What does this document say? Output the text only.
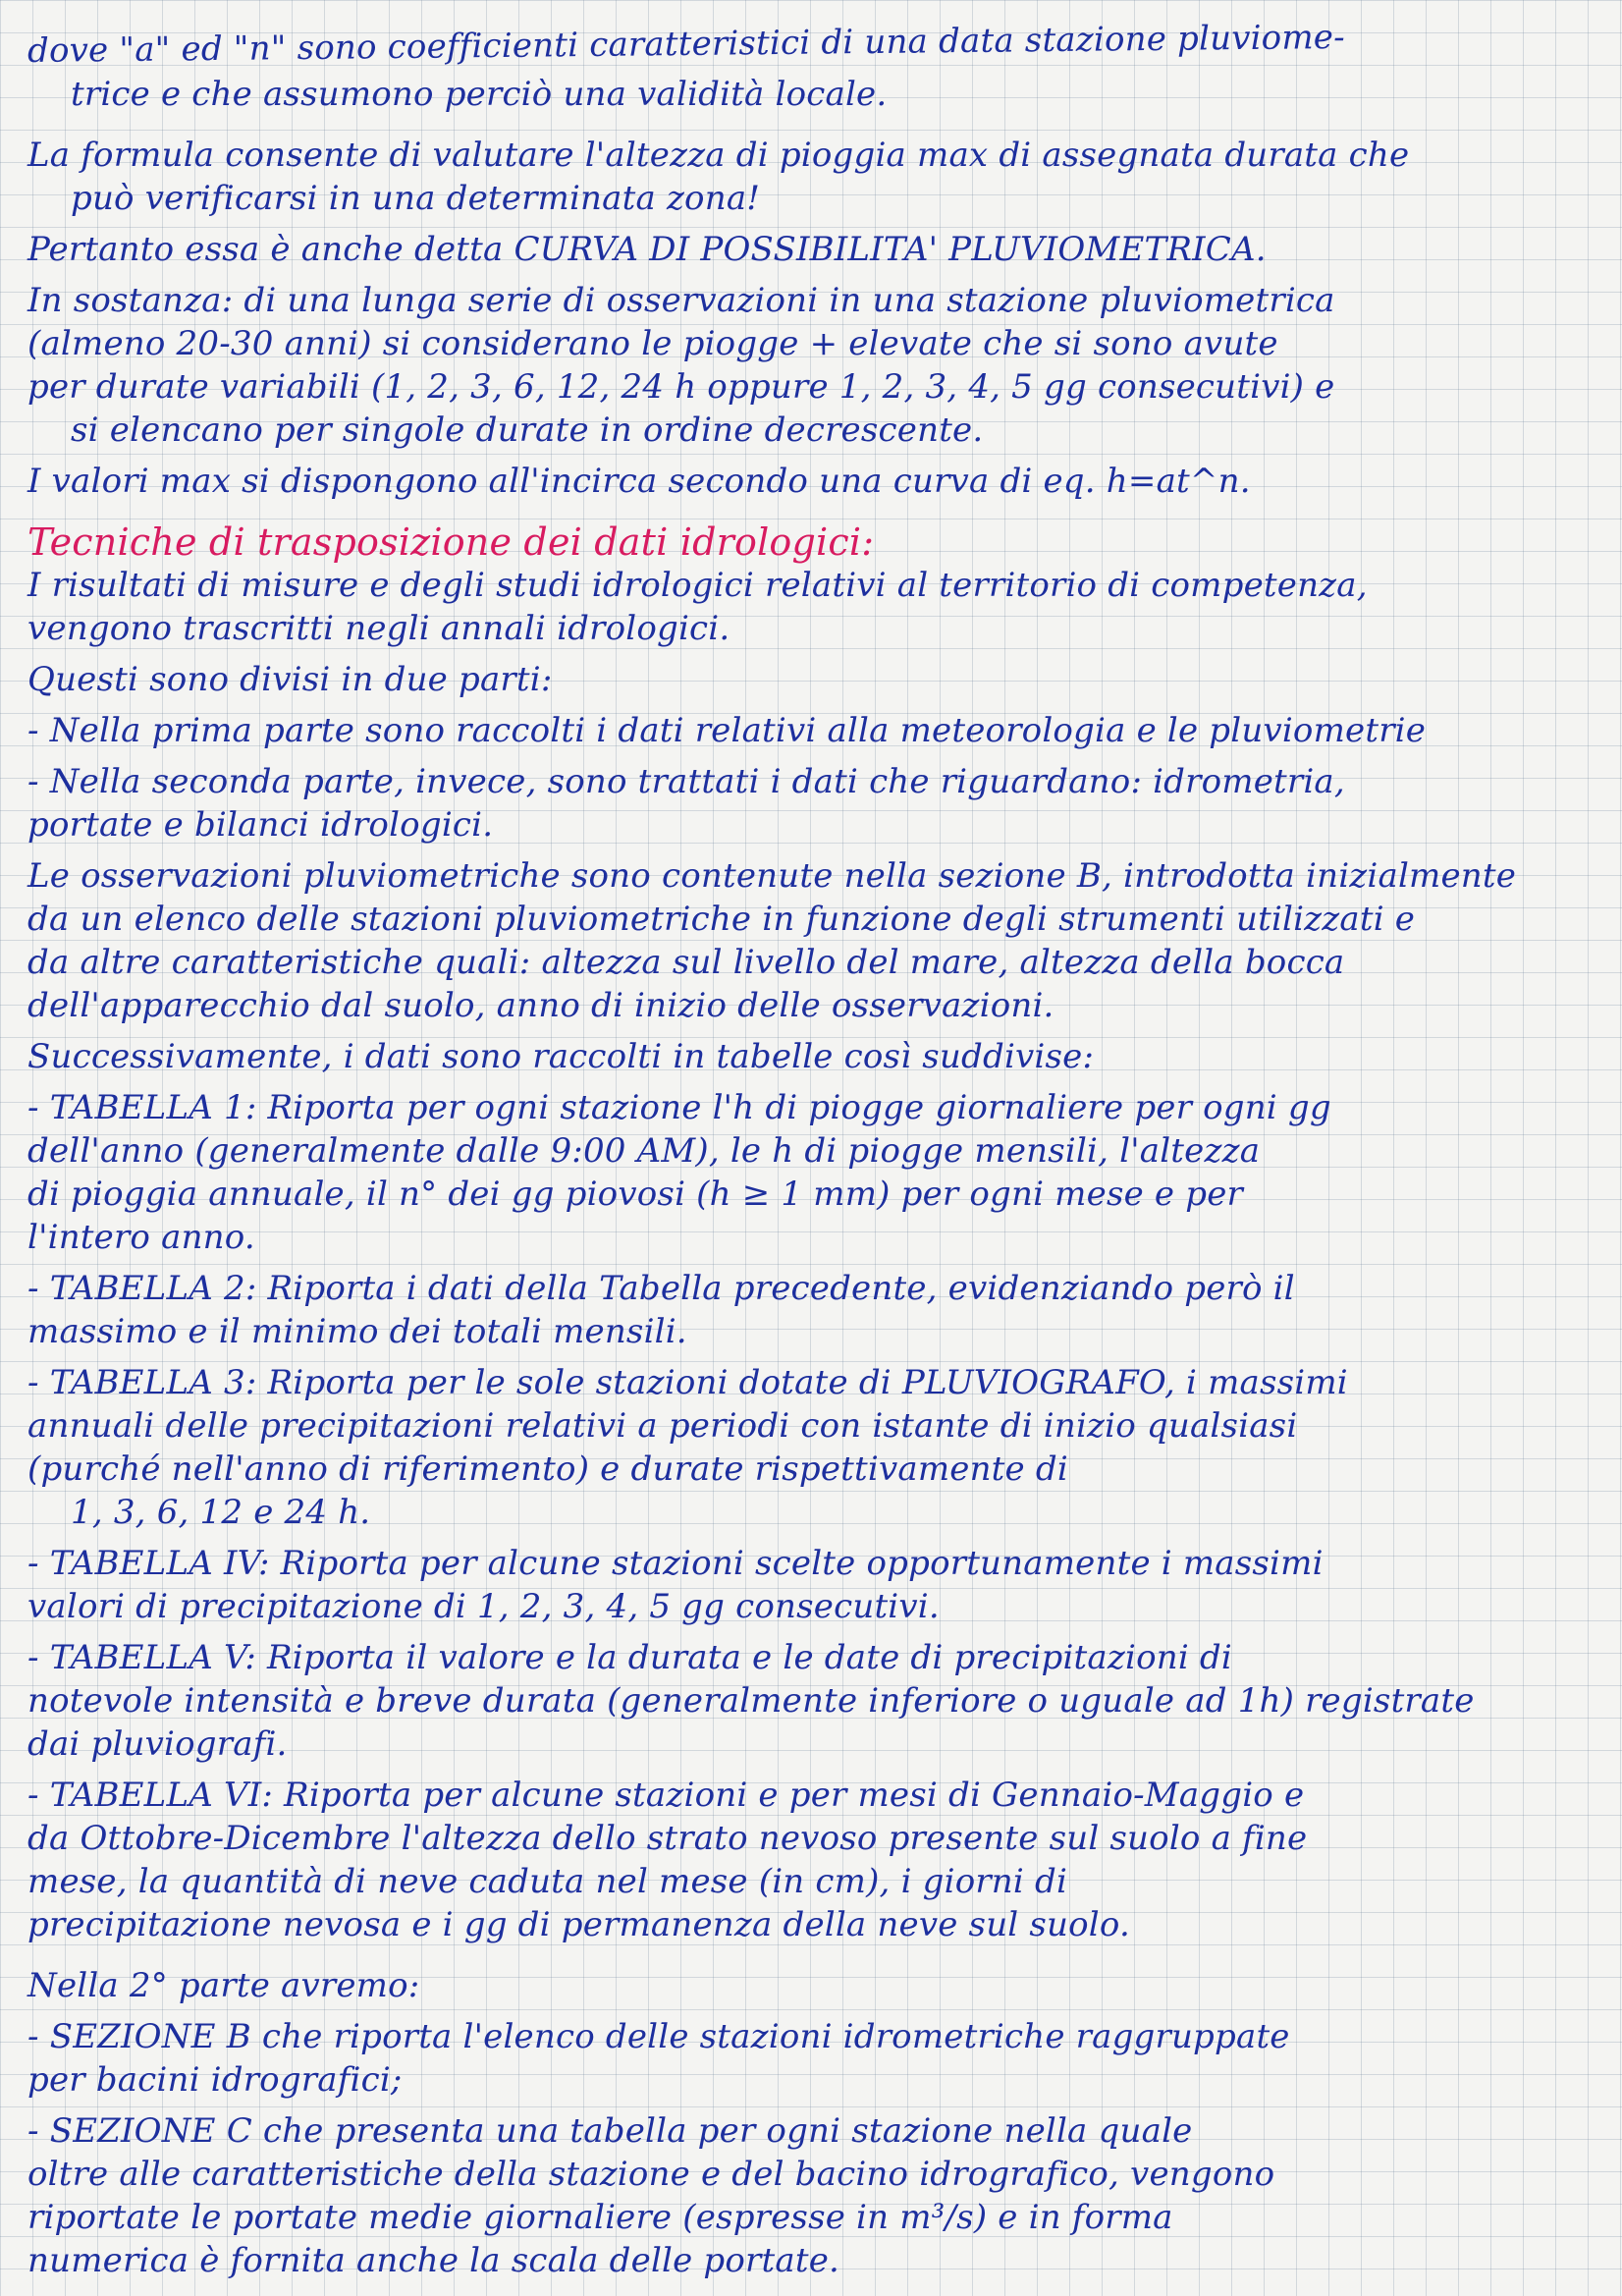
dove "a" ed "n" sono coefficienti caratteristici di una data stazione pluviome-
trice e che assumono perciò una validità locale.
La formula consente di valutare l'altezza di pioggia max di assegnata durata che
può verificarsi in una determinata zona!
Pertanto essa è anche detta CURVA DI POSSIBILITA' PLUVIOMETRICA.
In sostanza: di una lunga serie di osservazioni in una stazione pluviometrica
(almeno 20-30 anni) si considerano le piogge + elevate che si sono avute
per durate variabili (1, 2, 3, 6, 12, 24 h oppure 1, 2, 3, 4, 5 gg consecutivi) e
si elencano per singole durate in ordine decrescente.
I valori max si dispongono all'incirca secondo una curva di eq. h=at^n.
Tecniche di trasposizione dei dati idrologici:
I risultati di misure e degli studi idrologici relativi al territorio di competenza,
vengono trascritti negli annali idrologici.
Questi sono divisi in due parti:
- Nella prima parte sono raccolti i dati relativi alla meteorologia e le pluviometrie
- Nella seconda parte, invece, sono trattati i dati che riguardano: idrometria,
portate e bilanci idrologici.
Le osservazioni pluviometriche sono contenute nella sezione B, introdotta inizialmente
da un elenco delle stazioni pluviometriche in funzione degli strumenti utilizzati e
da altre caratteristiche quali: altezza sul livello del mare, altezza della bocca
dell'apparecchio dal suolo, anno di inizio delle osservazioni.
Successivamente, i dati sono raccolti in tabelle così suddivise:
- TABELLA 1: Riporta per ogni stazione l'h di piogge giornaliere per ogni gg
dell'anno (generalmente dalle 9:00 AM), le h di piogge mensili, l'altezza
di pioggia annuale, il n° dei gg piovosi (h ≥ 1 mm) per ogni mese e per
l'intero anno.
- TABELLA 2: Riporta i dati della Tabella precedente, evidenziando però il
massimo e il minimo dei totali mensili.
- TABELLA 3: Riporta per le sole stazioni dotate di PLUVIOGRAFO, i massimi
annuali delle precipitazioni relativi a periodi con istante di inizio qualsiasi
(purché nell'anno di riferimento) e durate rispettivamente di
1, 3, 6, 12 e 24 h.
- TABELLA IV: Riporta per alcune stazioni scelte opportunamente i massimi
valori di precipitazione di 1, 2, 3, 4, 5 gg consecutivi.
- TABELLA V: Riporta il valore e la durata e le date di precipitazioni di
notevole intensità e breve durata (generalmente inferiore o uguale ad 1h) registrate
dai pluviografi.
- TABELLA VI: Riporta per alcune stazioni e per mesi di Gennaio-Maggio e
da Ottobre-Dicembre l'altezza dello strato nevoso presente sul suolo a fine
mese, la quantità di neve caduta nel mese (in cm), i giorni di
precipitazione nevosa e i gg di permanenza della neve sul suolo.
Nella 2° parte avremo:
- SEZIONE B che riporta l'elenco delle stazioni idrometriche raggruppate
per bacini idrografici;
- SEZIONE C che presenta una tabella per ogni stazione nella quale
oltre alle caratteristiche della stazione e del bacino idrografico, vengono
riportate le portate medie giornaliere (espresse in m³/s) e in forma
numerica è fornita anche la scala delle portate.
